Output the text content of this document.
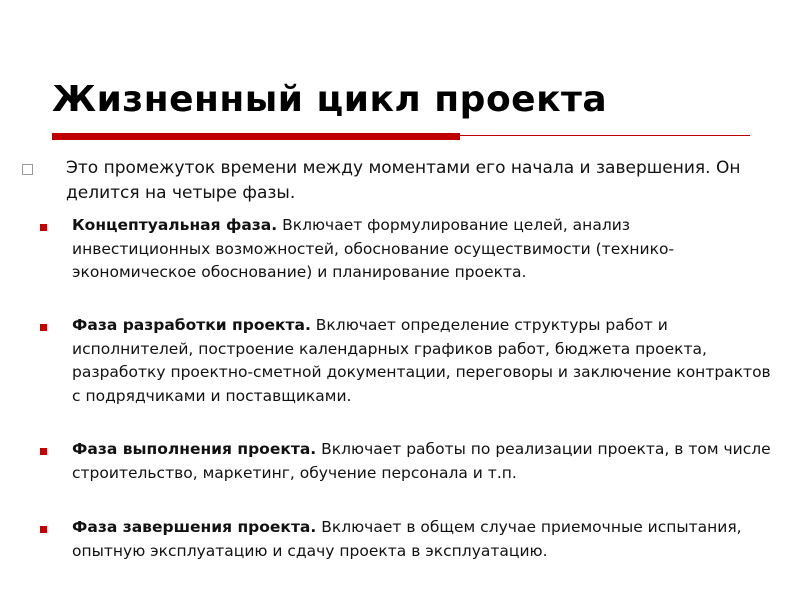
Жизненный цикл проекта
Это промежуток времени между моментами его начала и завершения. Он делится на четыре фазы.
Концептуальная фаза. Включает формулирование целей, анализ инвестиционных возможностей, обоснование осуществимости (технико-экономическое обоснование) и планирование проекта.
Фаза разработки проекта. Включает определение структуры работ и исполнителей, построение календарных графиков работ, бюджета проекта, разработку проектно-сметной документации, переговоры и заключение контрактов с подрядчиками и поставщиками.
Фаза выполнения проекта. Включает работы по реализации проекта, в том числе строительство, маркетинг, обучение персонала и т.п.
Фаза завершения проекта. Включает в общем случае приемочные испытания, опытную эксплуатацию и сдачу проекта в эксплуатацию.
